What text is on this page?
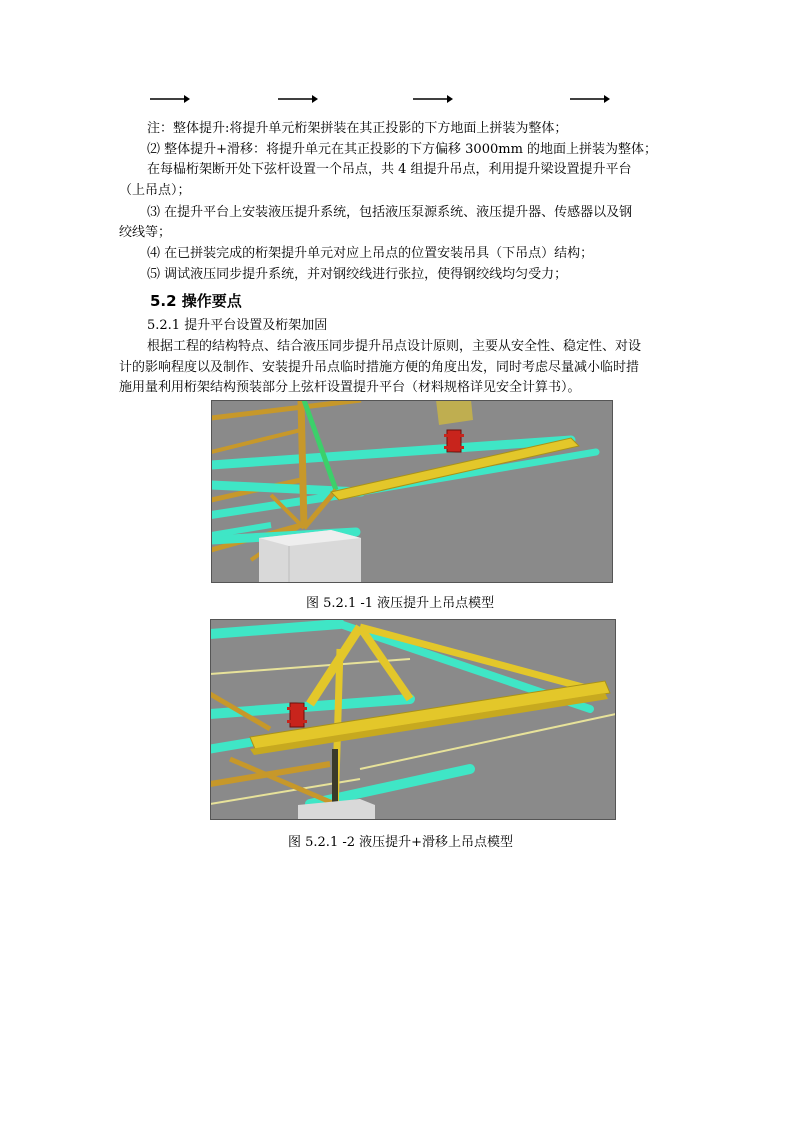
注：整体提升:将提升单元桁架拼装在其正投影的下方地面上拼装为整体；
⑵ 整体提升+滑移：将提升单元在其正投影的下方偏移 3000mm 的地面上拼装为整体；
在每榀桁架断开处下弦杆设置一个吊点，共 4 组提升吊点，利用提升梁设置提升平台
（上吊点）；
⑶ 在提升平台上安装液压提升系统，包括液压泵源系统、液压提升器、传感器以及钢
绞线等；
⑷ 在已拼装完成的桁架提升单元对应上吊点的位置安装吊具（下吊点）结构；
⑸ 调试液压同步提升系统，并对钢绞线进行张拉，使得钢绞线均匀受力；
5.2 操作要点
5.2.1 提升平台设置及桁架加固
根据工程的结构特点、结合液压同步提升吊点设计原则，主要从安全性、稳定性、对设
计的影响程度以及制作、安装提升吊点临时措施方便的角度出发，同时考虑尽量减小临时措
施用量利用桁架结构预装部分上弦杆设置提升平台（材料规格详见安全计算书）。
图 5.2.1 -1 液压提升上吊点模型
图 5.2.1 -2 液压提升+滑移上吊点模型
